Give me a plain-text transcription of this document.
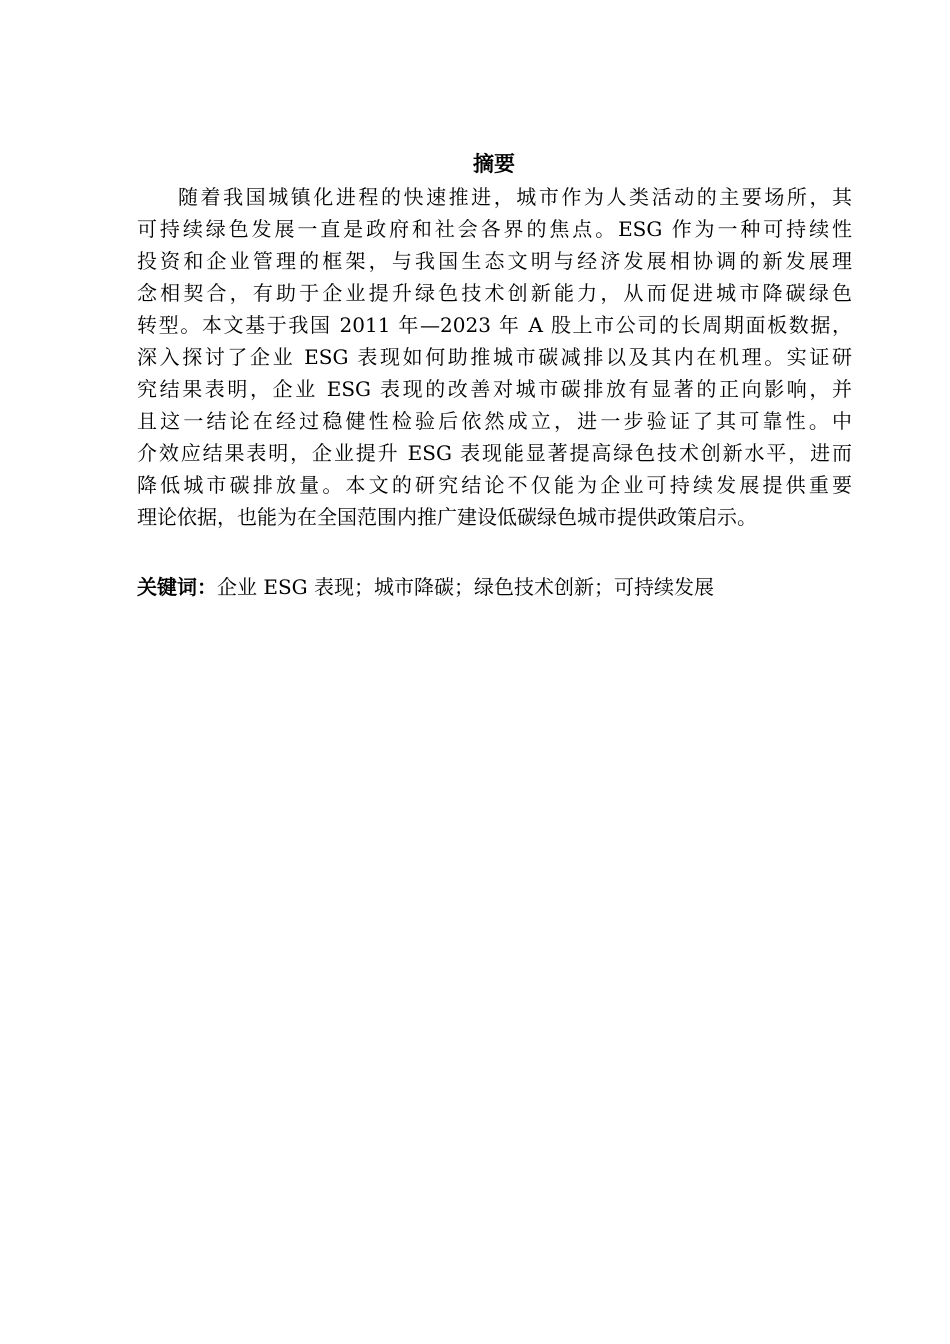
摘要
随着我国城镇化进程的快速推进，城市作为人类活动的主要场所，其
可持续绿色发展一直是政府和社会各界的焦点。ESG 作为一种可持续性
投资和企业管理的框架，与我国生态文明与经济发展相协调的新发展理
念相契合，有助于企业提升绿色技术创新能力，从而促进城市降碳绿色
转型。本文基于我国 2011 年—2023 年 A 股上市公司的长周期面板数据，
深入探讨了企业 ESG 表现如何助推城市碳减排以及其内在机理。实证研
究结果表明，企业 ESG 表现的改善对城市碳排放有显著的正向影响，并
且这一结论在经过稳健性检验后依然成立，进一步验证了其可靠性。中
介效应结果表明，企业提升 ESG 表现能显著提高绿色技术创新水平，进而
降低城市碳排放量。本文的研究结论不仅能为企业可持续发展提供重要
理论依据，也能为在全国范围内推广建设低碳绿色城市提供政策启示。

关键词：企业 ESG 表现；城市降碳；绿色技术创新；可持续发展
